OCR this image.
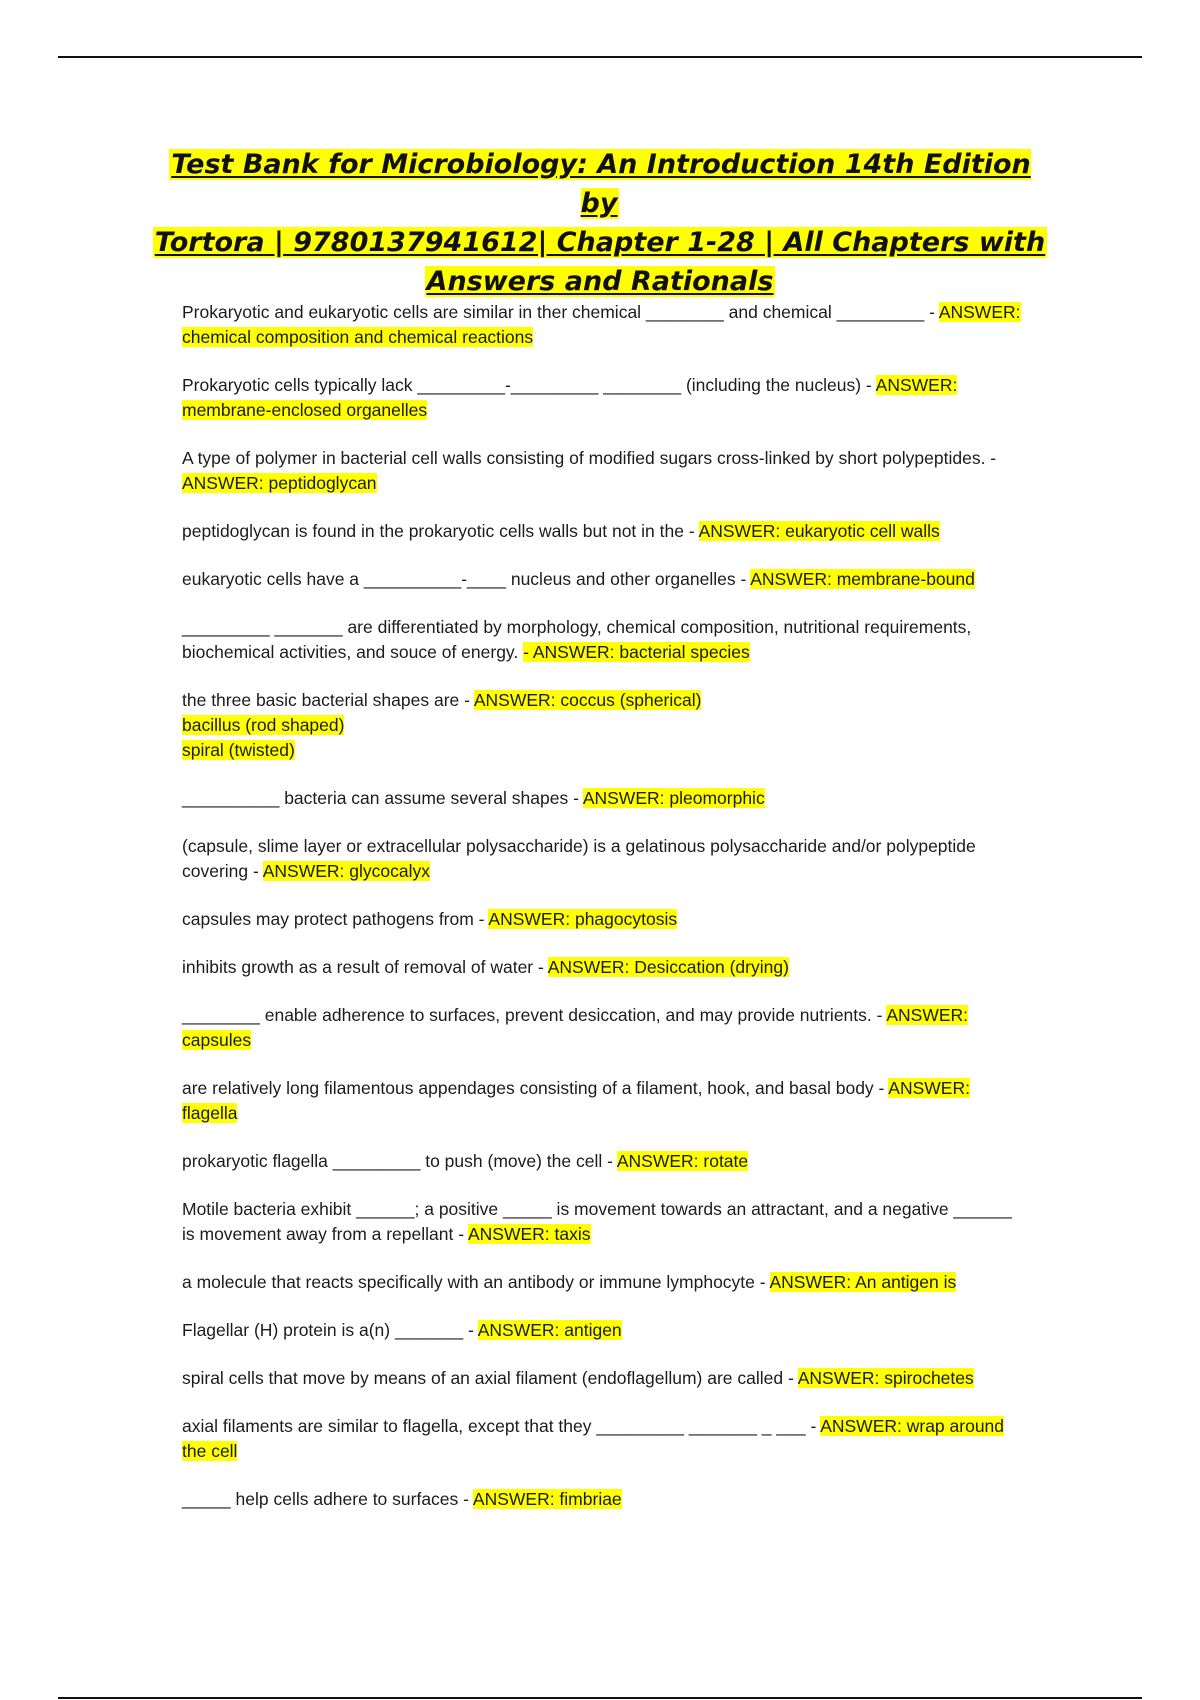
Test Bank for Microbiology: An Introduction 14th Edition by
Tortora | 9780137941612| Chapter 1-28 | All Chapters with
Answers and Rationals
Prokaryotic and eukaryotic cells are similar in ther chemical ________ and chemical _________ - ANSWER: chemical composition and chemical reactions
Prokaryotic cells typically lack _________-_________ ________ (including the nucleus) - ANSWER: membrane-enclosed organelles
A type of polymer in bacterial cell walls consisting of modified sugars cross-linked by short polypeptides. - ANSWER: peptidoglycan
peptidoglycan is found in the prokaryotic cells walls but not in the - ANSWER: eukaryotic cell walls
eukaryotic cells have a __________-____ nucleus and other organelles - ANSWER: membrane-bound
_________ _______ are differentiated by morphology, chemical composition, nutritional requirements, biochemical activities, and souce of energy. - ANSWER: bacterial species
the three basic bacterial shapes are - ANSWER: coccus (spherical)
bacillus (rod shaped)
spiral (twisted)
__________ bacteria can assume several shapes - ANSWER: pleomorphic
(capsule, slime layer or extracellular polysaccharide) is a gelatinous polysaccharide and/or polypeptide covering - ANSWER: glycocalyx
capsules may protect pathogens from - ANSWER: phagocytosis
inhibits growth as a result of removal of water - ANSWER: Desiccation (drying)
________ enable adherence to surfaces, prevent desiccation, and may provide nutrients. - ANSWER: capsules
are relatively long filamentous appendages consisting of a filament, hook, and basal body - ANSWER: flagella
prokaryotic flagella _________ to push (move) the cell - ANSWER: rotate
Motile bacteria exhibit ______; a positive _____ is movement towards an attractant, and a negative ______ is movement away from a repellant - ANSWER: taxis
a molecule that reacts specifically with an antibody or immune lymphocyte - ANSWER: An antigen is
Flagellar (H) protein is a(n) _______ - ANSWER: antigen
spiral cells that move by means of an axial filament (endoflagellum) are called - ANSWER: spirochetes
axial filaments are similar to flagella, except that they _________ _______ _ ___ - ANSWER: wrap around the cell
_____ help cells adhere to surfaces - ANSWER: fimbriae
